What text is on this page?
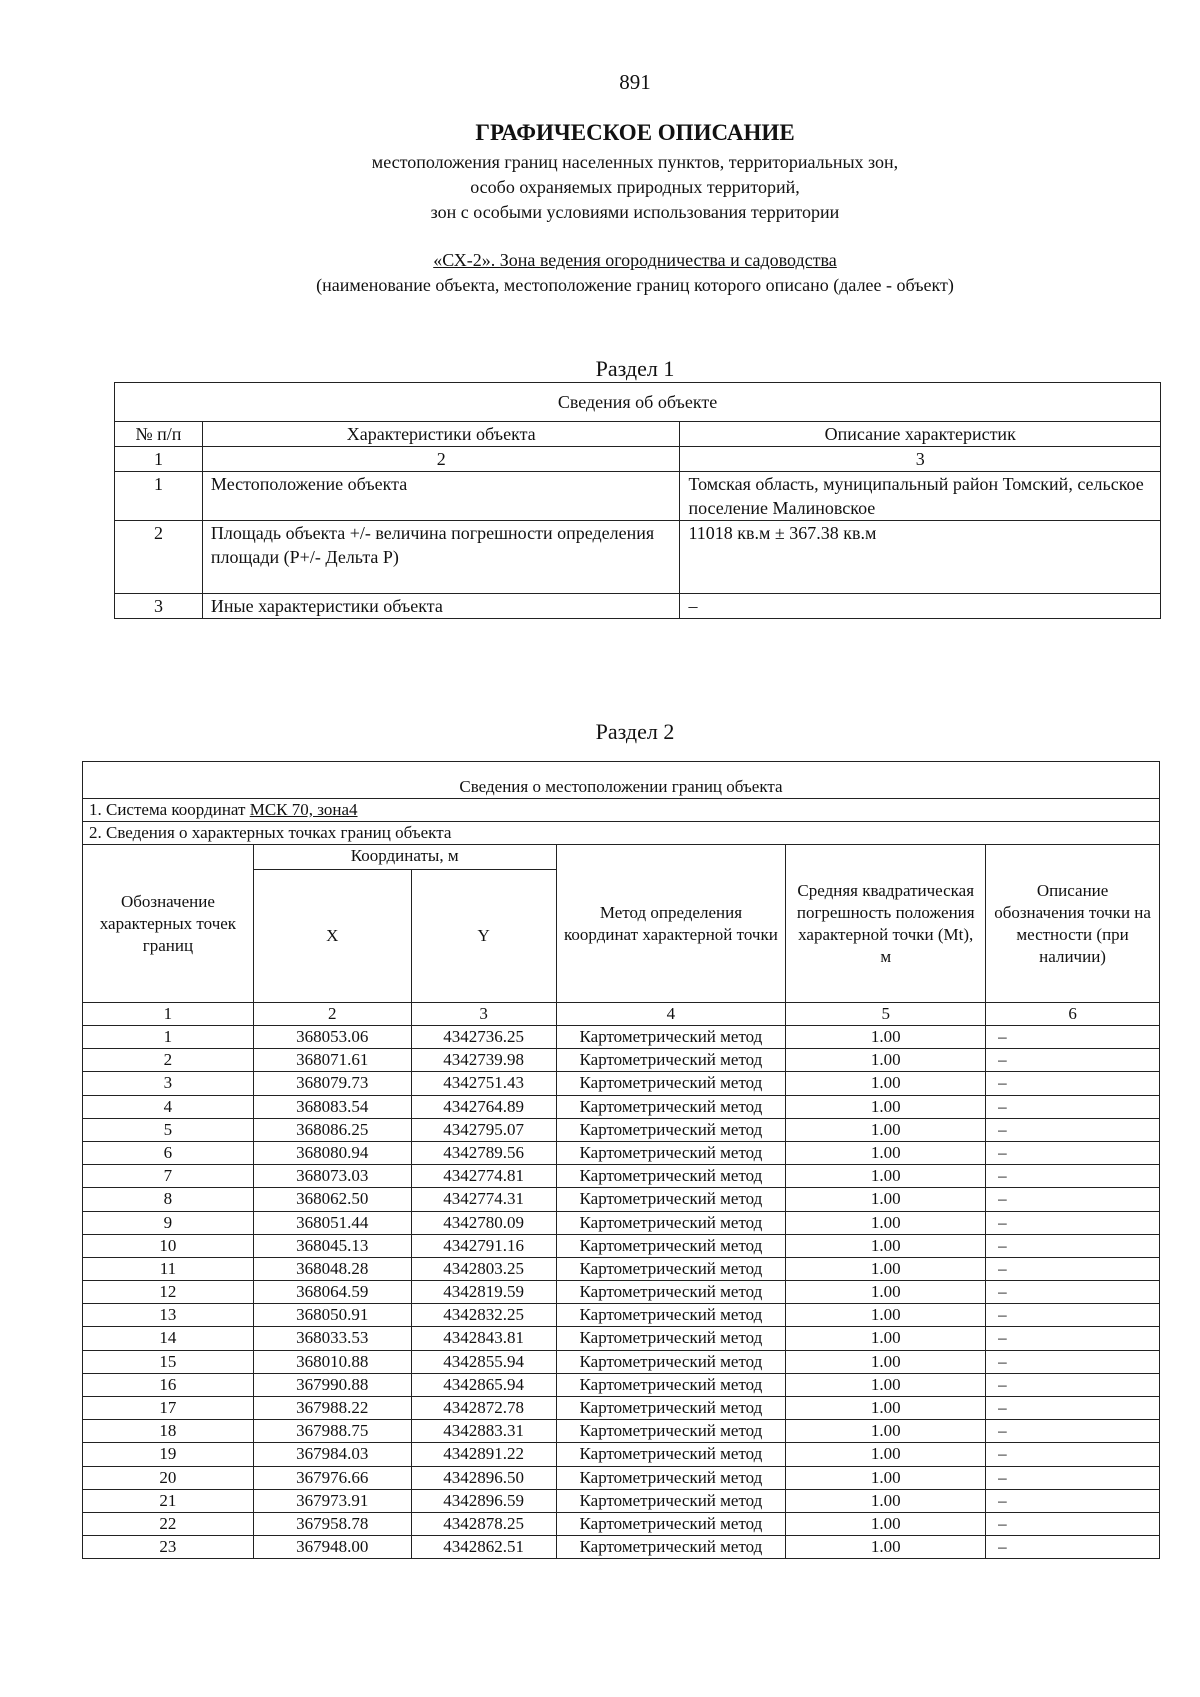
891
ГРАФИЧЕСКОЕ ОПИСАНИЕ
местоположения границ населенных пунктов, территориальных зон,
особо охраняемых природных территорий,
зон с особыми условиями использования территории
«СХ-2». Зона ведения огородничества и садоводства
(наименование объекта, местоположение границ которого описано (далее - объект)
Раздел 1
Сведения об объекте		
№ п/п	Характеристики объекта	Описание характеристик
1	2	3
1	Местоположение объекта	Томская область, муниципальный район Томский, сельское поселение Малиновское
2	Площадь объекта +/- величина погрешности определения площади (Р+/- Дельта Р)	11018 кв.м ± 367.38 кв.м
3	Иные характеристики объекта	–
Раздел 2
Сведения о местоположении границ объекта					
1. Система координат МСК 70, зона4					
2. Сведения о характерных точках границ объекта					
Обозначение характерных точек границ	Координаты, м		Метод определения координат характерной точки	Средняя квадратическая погрешность положения характерной точки (Mt), м	Описание обозначения точки на местности (при наличии)
	X	Y			
1	2	3	4	5	6
1	368053.06	4342736.25	Картометрический метод	1.00	–
2	368071.61	4342739.98	Картометрический метод	1.00	–
3	368079.73	4342751.43	Картометрический метод	1.00	–
4	368083.54	4342764.89	Картометрический метод	1.00	–
5	368086.25	4342795.07	Картометрический метод	1.00	–
6	368080.94	4342789.56	Картометрический метод	1.00	–
7	368073.03	4342774.81	Картометрический метод	1.00	–
8	368062.50	4342774.31	Картометрический метод	1.00	–
9	368051.44	4342780.09	Картометрический метод	1.00	–
10	368045.13	4342791.16	Картометрический метод	1.00	–
11	368048.28	4342803.25	Картометрический метод	1.00	–
12	368064.59	4342819.59	Картометрический метод	1.00	–
13	368050.91	4342832.25	Картометрический метод	1.00	–
14	368033.53	4342843.81	Картометрический метод	1.00	–
15	368010.88	4342855.94	Картометрический метод	1.00	–
16	367990.88	4342865.94	Картометрический метод	1.00	–
17	367988.22	4342872.78	Картометрический метод	1.00	–
18	367988.75	4342883.31	Картометрический метод	1.00	–
19	367984.03	4342891.22	Картометрический метод	1.00	–
20	367976.66	4342896.50	Картометрический метод	1.00	–
21	367973.91	4342896.59	Картометрический метод	1.00	–
22	367958.78	4342878.25	Картометрический метод	1.00	–
23	367948.00	4342862.51	Картометрический метод	1.00	–
